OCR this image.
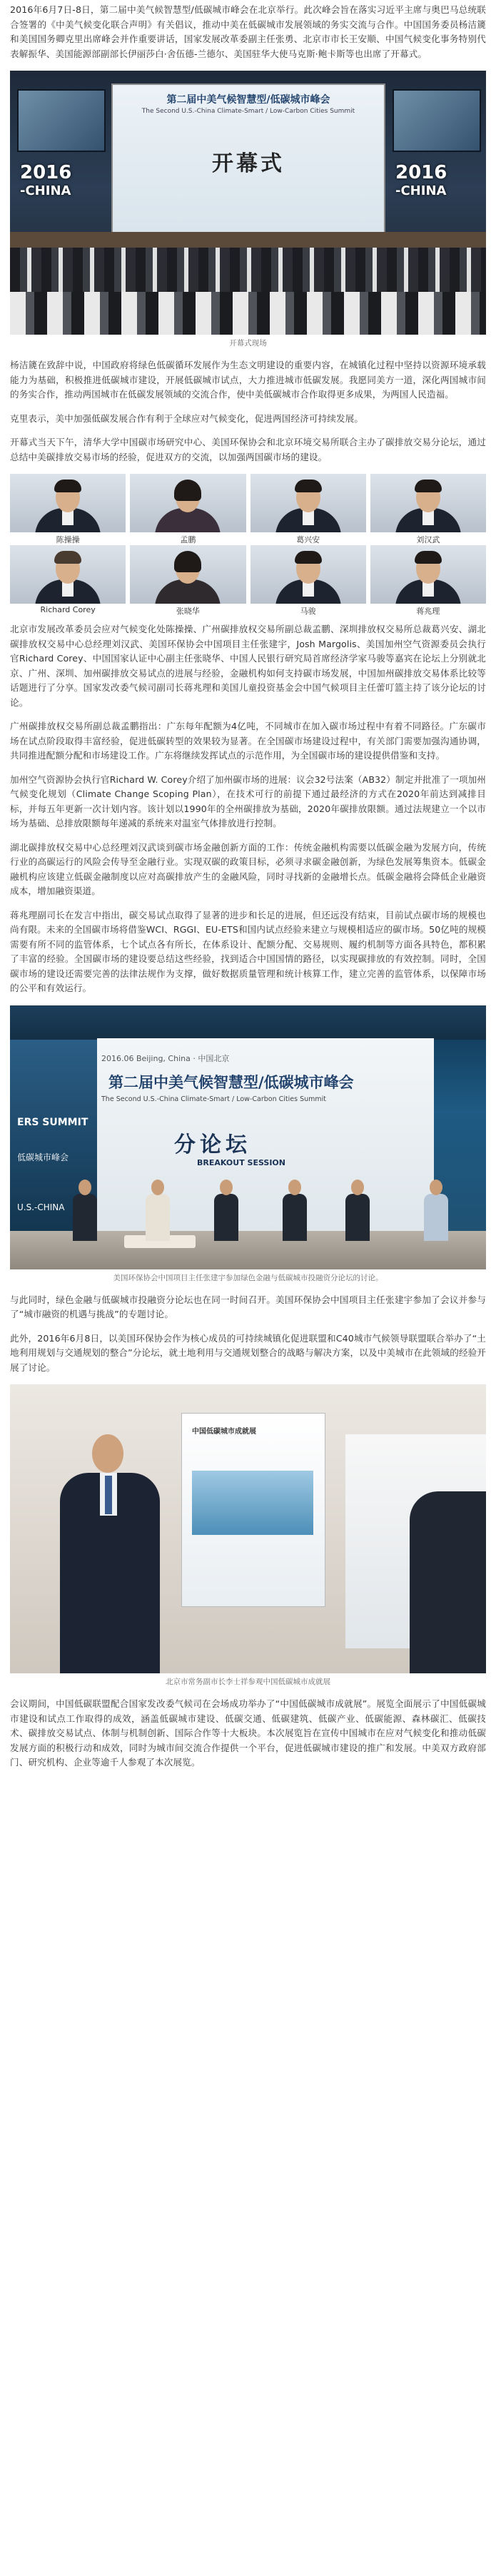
2016年6月7日-8日，第二届中美气候智慧型/低碳城市峰会在北京举行。此次峰会旨在落实习近平主席与奥巴马总统联合签署的《中美气候变化联合声明》有关倡议，推动中美在低碳城市发展领域的务实交流与合作。中国国务委员杨洁篪和美国国务卿克里出席峰会并作重要讲话，国家发展改革委副主任张勇、北京市市长王安顺、中国气候变化事务特别代表解振华、美国能源部副部长伊丽莎白·舍伍德-兰德尔、美国驻华大使马克斯·鲍卡斯等也出席了开幕式。

2016
-CHINA
2016
-CHINA
第二届中美气候智慧型/低碳城市峰会
The Second U.S.-China Climate-Smart / Low-Carbon Cities Summit
开幕式
开幕式现场

杨洁篪在致辞中说，中国政府将绿色低碳循环发展作为生态文明建设的重要内容，在城镇化过程中坚持以资源环境承载能力为基础，积极推进低碳城市建设，开展低碳城市试点，大力推进城市低碳发展。我愿同美方一道，深化两国城市间的务实合作，推动两国城市在低碳发展领域的交流合作，使中美低碳城市合作取得更多成果，为两国人民造福。

克里表示，美中加强低碳发展合作有利于全球应对气候变化，促进两国经济可持续发展。

开幕式当天下午，清华大学中国碳市场研究中心、美国环保协会和北京环境交易所联合主办了碳排放交易分论坛，通过总结中美碳排放交易市场的经验，促进双方的交流，以加强两国碳市场的建设。

陈操操	孟鹏	葛兴安	刘汉武
Richard Corey	张晓华	马骏	蒋兆理

北京市发展改革委员会应对气候变化处陈操操、广州碳排放权交易所副总裁孟鹏、深圳排放权交易所总裁葛兴安、湖北碳排放权交易中心总经理刘汉武、美国环保协会中国项目主任张建宇，Josh Margolis、美国加州空气资源委员会执行官Richard Corey、中国国家认证中心副主任张晓华、中国人民银行研究局首席经济学家马骏等嘉宾在论坛上分别就北京、广州、深圳、加州碳排放交易试点的进展与经验，金融机构如何支持碳市场发展，中国加州碳排放交易体系比较等话题进行了分享。国家发改委气候司副司长蒋兆理和美国儿童投资基金会中国气候项目主任蕾叮篮主持了该分论坛的讨论。

广州碳排放权交易所副总裁孟鹏指出：广东每年配额为4亿吨，不同城市在加入碳市场过程中有着不同路径。广东碳市场在试点阶段取得丰富经验，促进低碳转型的效果较为显著。在全国碳市场建设过程中，有关部门需要加强沟通协调，共同推进配额分配和市场建设工作。广东将继续发挥试点的示范作用，为全国碳市场的建设提供借鉴和支持。

加州空气资源协会执行官Richard W. Corey介绍了加州碳市场的进展：议会32号法案（AB32）制定并批准了一项加州气候变化规划（Climate Change Scoping Plan），在技术可行的前提下通过最经济的方式在2020年前达到减排目标，并每五年更新一次计划内容。该计划以1990年的全州碳排放为基础，2020年碳排放限额。通过法规建立一个以市场为基础、总排放限额每年递减的系统来对温室气体排放进行控制。

湖北碳排放权交易中心总经理刘汉武谈到碳市场金融创新方面的工作：传统金融机构需要以低碳金融为发展方向，传统行业的高碳运行的风险会传导至金融行业。实现双碳的政策目标，必须寻求碳金融创新，为绿色发展筹集资本。低碳金融机构应该建立低碳金融制度以应对高碳排放产生的金融风险，同时寻找新的金融增长点。低碳金融将会降低企业融资成本，增加融资渠道。

蒋兆理副司长在发言中指出，碳交易试点取得了显著的进步和长足的进展，但还远没有结束，目前试点碳市场的规模也尚有限。未来的全国碳市场将借鉴WCI、RGGI、EU-ETS和国内试点经验来建立与规模相适应的碳市场。50亿吨的规模需要有所不同的监管体系，七个试点各有所长，在体系设计、配额分配、交易规则、履约机制等方面各具特色，都积累了丰富的经验。全国碳市场的建设要总结这些经验，找到适合中国国情的路径，以实现碳排放的有效控制。同时，全国碳市场的建设还需要完善的法律法规作为支撑，做好数据质量管理和统计核算工作，建立完善的监管体系，以保障市场的公平和有效运行。

ERS SUMMIT
低碳城市峰会
U.S.-CHINA
2016.06 Beijing, China · 中国北京
第二届中美气候智慧型/低碳城市峰会
The Second U.S.-China Climate-Smart / Low-Carbon Cities Summit
分论坛
BREAKOUT SESSION
美国环保协会中国项目主任张建宇参加绿色金融与低碳城市投融资分论坛的讨论。

与此同时，绿色金融与低碳城市投融资分论坛也在同一时间召开。美国环保协会中国项目主任张建宇参加了会议并参与了“城市融资的机遇与挑战”的专题讨论。

此外，2016年6月8日，以美国环保协会作为核心成员的可持续城镇化促进联盟和C40城市气候领导联盟联合举办了“土地利用规划与交通规划的整合”分论坛，就土地利用与交通规划整合的战略与解决方案，以及中美城市在此领域的经验开展了讨论。

中国低碳城市成就展
北京市常务副市长李士祥参观中国低碳城市成就展

会议期间，中国低碳联盟配合国家发改委气候司在会场成功举办了“中国低碳城市成就展”。展览全面展示了中国低碳城市建设和试点工作取得的成效，涵盖低碳城市建设、低碳交通、低碳建筑、低碳产业、低碳能源、森林碳汇、低碳技术、碳排放交易试点、体制与机制创新、国际合作等十大板块。本次展览旨在宣传中国城市在应对气候变化和推动低碳发展方面的积极行动和成效，同时为城市间交流合作提供一个平台，促进低碳城市建设的推广和发展。中美双方政府部门、研究机构、企业等逾千人参观了本次展览。
